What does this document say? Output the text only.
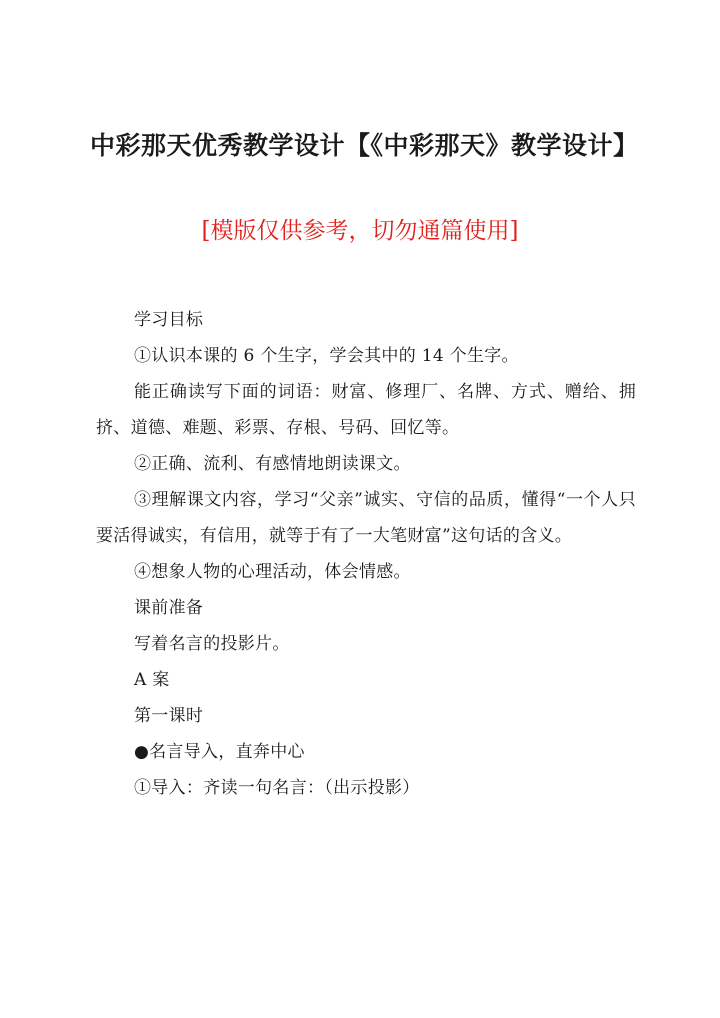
中彩那天优秀教学设计【《中彩那天》教学设计】
[模版仅供参考，切勿通篇使用]

学习目标

①认识本课的 6 个生字，学会其中的 14 个生字。

能正确读写下面的词语：财富、修理厂、名牌、方式、赠给、拥挤、道德、难题、彩票、存根、号码、回忆等。

②正确、流利、有感情地朗读课文。

③理解课文内容，学习“父亲”诚实、守信的品质，懂得“一个人只要活得诚实，有信用，就等于有了一大笔财富”这句话的含义。

④想象人物的心理活动，体会情感。

课前准备

写着名言的投影片。

A 案

第一课时

●名言导入，直奔中心

①导入：齐读一句名言：（出示投影）
